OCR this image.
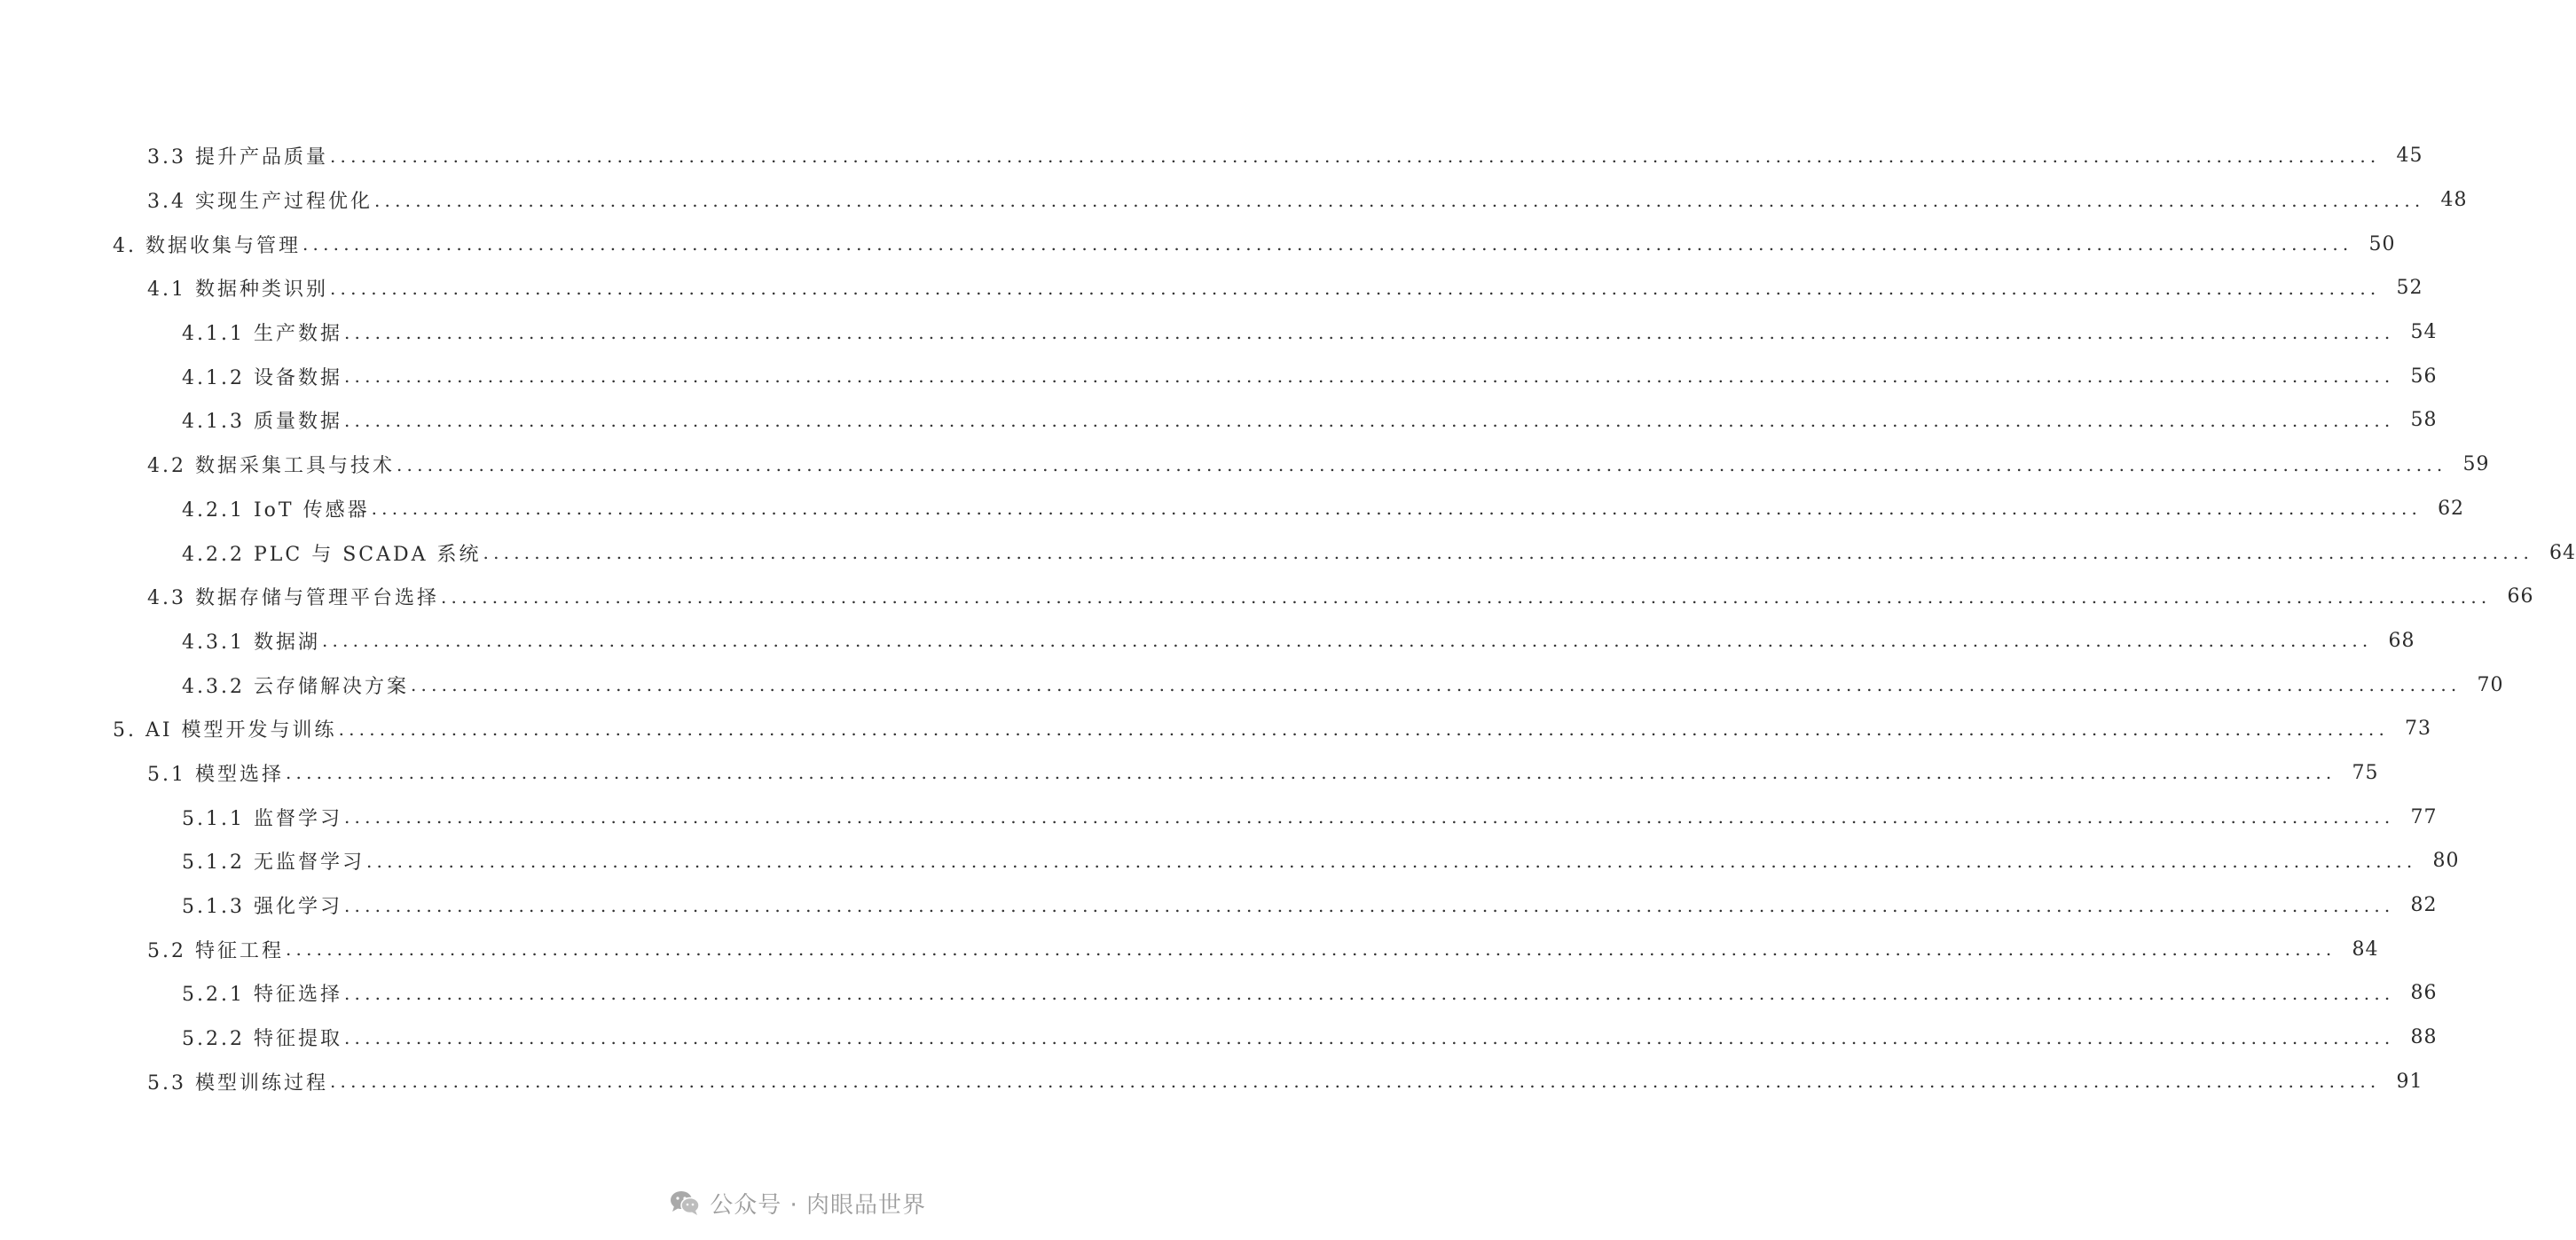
3.3 提升产品质量 ........................................................................................................................................................................................................ 45
3.4 实现生产过程优化 ........................................................................................................................................................................................................ 48
4. 数据收集与管理 ........................................................................................................................................................................................................ 50
4.1 数据种类识别 ........................................................................................................................................................................................................ 52
4.1.1 生产数据 ........................................................................................................................................................................................................ 54
4.1.2 设备数据 ........................................................................................................................................................................................................ 56
4.1.3 质量数据 ........................................................................................................................................................................................................ 58
4.2 数据采集工具与技术 ........................................................................................................................................................................................................ 59
4.2.1 IoT 传感器 ........................................................................................................................................................................................................ 62
4.2.2 PLC 与 SCADA 系统 ........................................................................................................................................................................................................ 64
4.3 数据存储与管理平台选择 ........................................................................................................................................................................................................ 66
4.3.1 数据湖 ........................................................................................................................................................................................................ 68
4.3.2 云存储解决方案 ........................................................................................................................................................................................................ 70
5. AI 模型开发与训练 ........................................................................................................................................................................................................ 73
5.1 模型选择 ........................................................................................................................................................................................................ 75
5.1.1 监督学习 ........................................................................................................................................................................................................ 77
5.1.2 无监督学习 ........................................................................................................................................................................................................ 80
5.1.3 强化学习 ........................................................................................................................................................................................................ 82
5.2 特征工程 ........................................................................................................................................................................................................ 84
5.2.1 特征选择 ........................................................................................................................................................................................................ 86
5.2.2 特征提取 ........................................................................................................................................................................................................ 88
5.3 模型训练过程 ........................................................................................................................................................................................................ 91
公众号 · 肉眼品世界
